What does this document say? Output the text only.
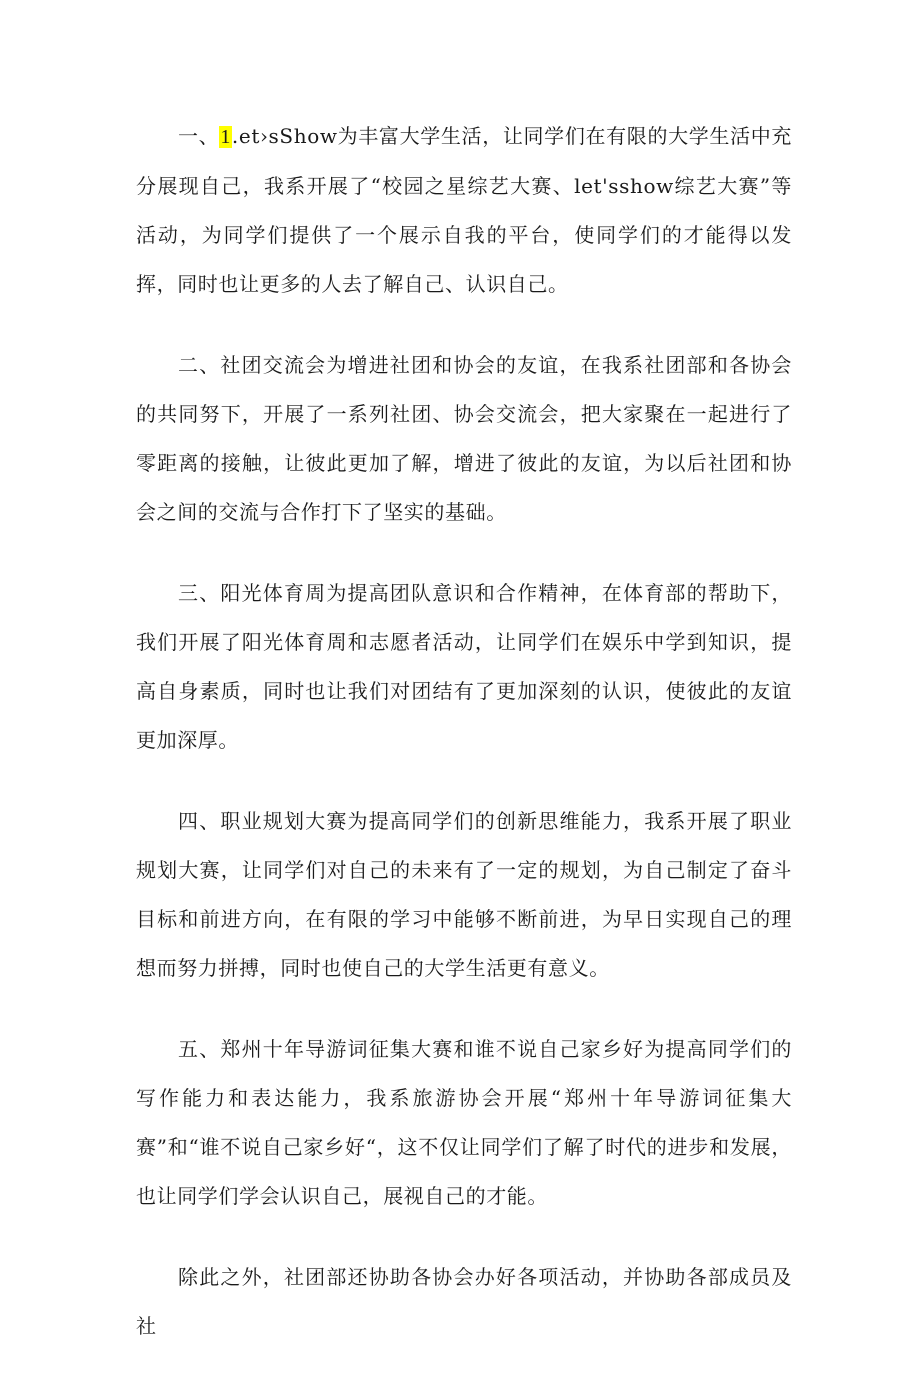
一、1.et›sShow为丰富大学生活，让同学们在有限的大学生活中充分展现自己，我系开展了“校园之星综艺大赛、let'sshow综艺大赛”等活动，为同学们提供了一个展示自我的平台，使同学们的才能得以发挥，同时也让更多的人去了解自己、认识自己。

二、社团交流会为增进社团和协会的友谊，在我系社团部和各协会的共同努下，开展了一系列社团、协会交流会，把大家聚在一起进行了零距离的接触，让彼此更加了解，增进了彼此的友谊，为以后社团和协会之间的交流与合作打下了坚实的基础。

三、阳光体育周为提高团队意识和合作精神，在体育部的帮助下，我们开展了阳光体育周和志愿者活动，让同学们在娱乐中学到知识，提高自身素质，同时也让我们对团结有了更加深刻的认识，使彼此的友谊更加深厚。

四、职业规划大赛为提高同学们的创新思维能力，我系开展了职业规划大赛，让同学们对自己的未来有了一定的规划，为自己制定了奋斗目标和前进方向，在有限的学习中能够不断前进，为早日实现自己的理想而努力拼搏，同时也使自己的大学生活更有意义。

五、郑州十年导游词征集大赛和谁不说自己家乡好为提高同学们的写作能力和表达能力，我系旅游协会开展“郑州十年导游词征集大赛”和“谁不说自己家乡好“，这不仅让同学们了解了时代的进步和发展，也让同学们学会认识自己，展视自己的才能。

除此之外，社团部还协助各协会办好各项活动，并协助各部成员及社
